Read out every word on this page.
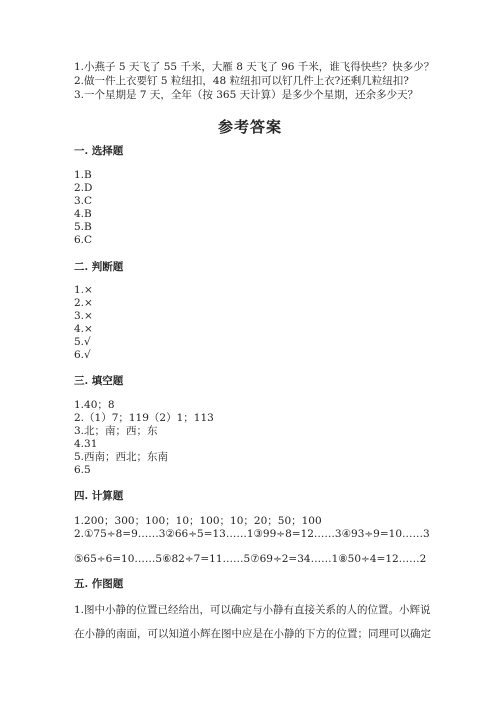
1.小燕子 5 天飞了 55 千米，大雁 8 天飞了 96 千米，谁飞得快些？快多少？
2.做一件上衣要钉 5 粒纽扣，48 粒纽扣可以钉几件上衣?还剩几粒纽扣?
3.一个星期是 7 天，全年（按 365 天计算）是多少个星期，还余多少天？
参考答案
一. 选择题
1.B
2.D
3.C
4.B
5.B
6.C
二. 判断题
1.×
2.×
3.×
4.×
5.√
6.√
三. 填空题
1.40；8
2.（1）7；119（2）1；113
3.北；南；西；东
4.31
5.西南；西北；东南
6.5
四. 计算题
1.200；300；100；10；100；10；20；50；100
2.①75÷8=9……3②66÷5=13……1③99÷8=12……3④93÷9=10……3
⑤65÷6=10……5⑥82÷7=11……5⑦69÷2=34……1⑧50÷4=12……2
五. 作图题
1.图中小静的位置已经给出，可以确定与小静有直接关系的人的位置。小辉说
在小静的南面，可以知道小辉在图中应是在小静的下方的位置；同理可以确定
